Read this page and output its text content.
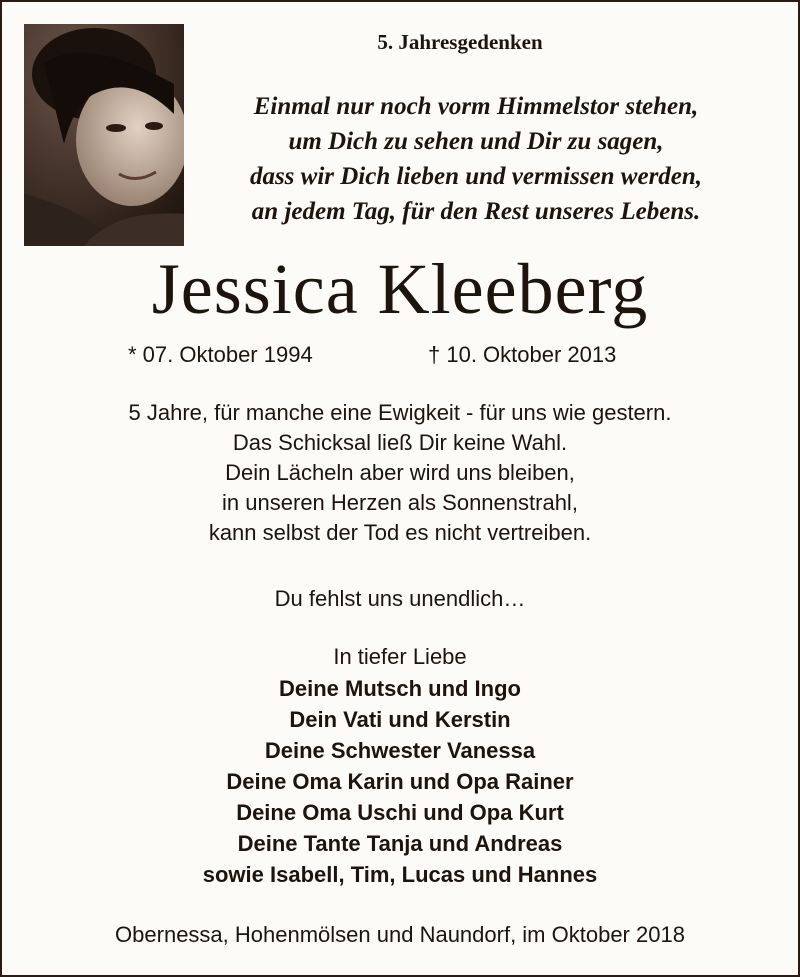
5. Jahresgedenken
Einmal nur noch vorm Himmelstor stehen,
um Dich zu sehen und Dir zu sagen,
dass wir Dich lieben und vermissen werden,
an jedem Tag, für den Rest unseres Lebens.
Jessica Kleeberg
* 07. Oktober 1994	† 10. Oktober 2013
5 Jahre, für manche eine Ewigkeit - für uns wie gestern.
Das Schicksal ließ Dir keine Wahl.
Dein Lächeln aber wird uns bleiben,
in unseren Herzen als Sonnenstrahl,
kann selbst der Tod es nicht vertreiben.
Du fehlst uns unendlich…
In tiefer Liebe
Deine Mutsch und Ingo
Dein Vati und Kerstin
Deine Schwester Vanessa
Deine Oma Karin und Opa Rainer
Deine Oma Uschi und Opa Kurt
Deine Tante Tanja und Andreas
sowie Isabell, Tim, Lucas und Hannes
Obernessa, Hohenmölsen und Naundorf, im Oktober 2018
